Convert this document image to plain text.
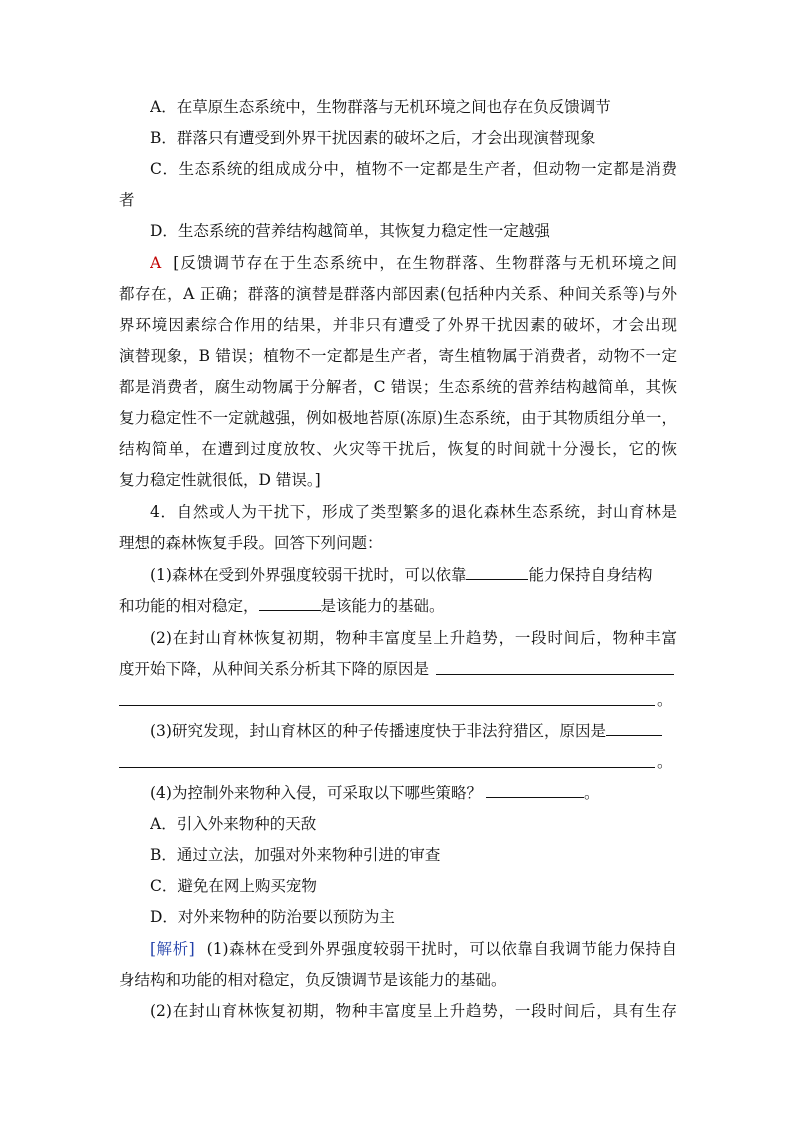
A．在草原生态系统中，生物群落与无机环境之间也存在负反馈调节
B．群落只有遭受到外界干扰因素的破坏之后，才会出现演替现象
C．生态系统的组成成分中，植物不一定都是生产者，但动物一定都是消费
者
D．生态系统的营养结构越简单，其恢复力稳定性一定越强
A [反馈调节存在于生态系统中，在生物群落、生物群落与无机环境之间
都存在，A 正确；群落的演替是群落内部因素(包括种内关系、种间关系等)与外
界环境因素综合作用的结果，并非只有遭受了外界干扰因素的破坏，才会出现
演替现象，B 错误；植物不一定都是生产者，寄生植物属于消费者，动物不一定
都是消费者，腐生动物属于分解者，C 错误；生态系统的营养结构越简单，其恢
复力稳定性不一定就越强，例如极地苔原(冻原)生态系统，由于其物质组分单一，
结构简单，在遭到过度放牧、火灾等干扰后，恢复的时间就十分漫长，它的恢
复力稳定性就很低，D 错误。]
4．自然或人为干扰下，形成了类型繁多的退化森林生态系统，封山育林是
理想的森林恢复手段。回答下列问题：
(1)森林在受到外界强度较弱干扰时，可以依靠	能力保持自身结构
和功能的相对稳定，	是该能力的基础。
(2)在封山育林恢复初期，物种丰富度呈上升趋势，一段时间后，物种丰富
度开始下降，从种间关系分析其下降的原因是
。
(3)研究发现，封山育林区的种子传播速度快于非法狩猎区，原因是
。
(4)为控制外来物种入侵，可采取以下哪些策略？	。
A．引入外来物种的天敌
B．通过立法，加强对外来物种引进的审查
C．避免在网上购买宠物
D．对外来物种的防治要以预防为主
[解析] (1)森林在受到外界强度较弱干扰时，可以依靠自我调节能力保持自
身结构和功能的相对稳定，负反馈调节是该能力的基础。
(2)在封山育林恢复初期，物种丰富度呈上升趋势，一段时间后，具有生存
